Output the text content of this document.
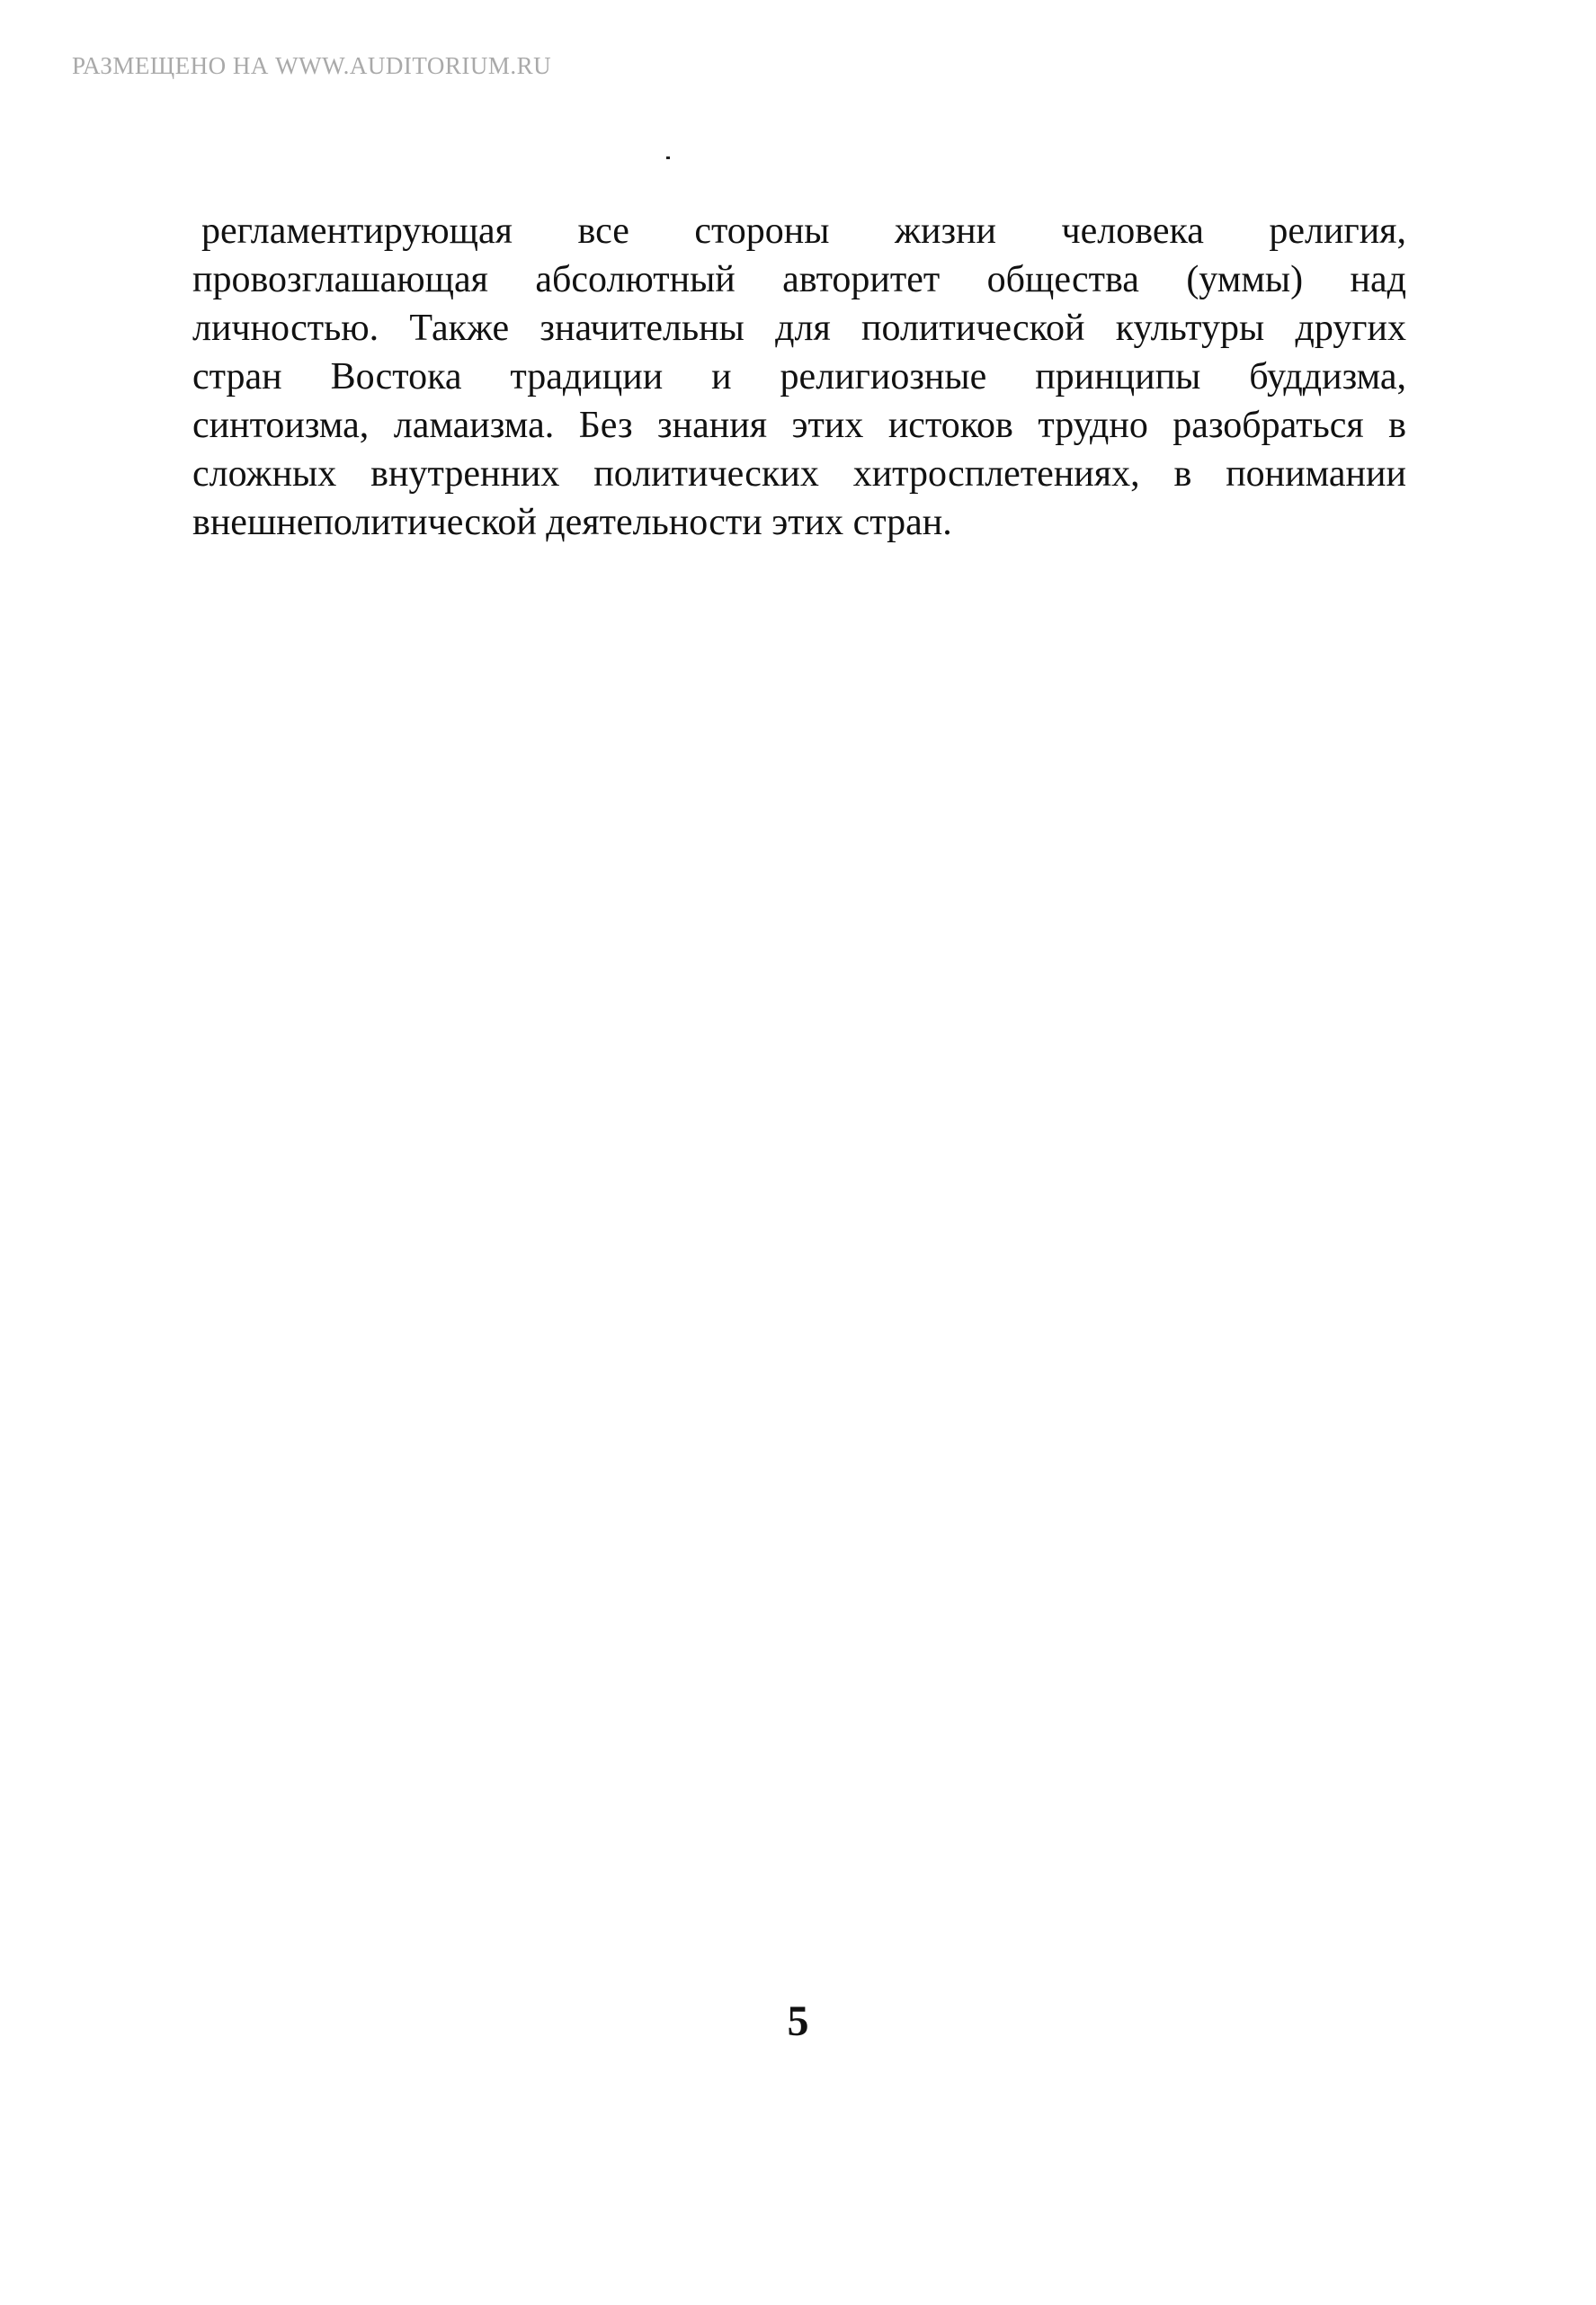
РАЗМЕЩЕНО НА WWW.AUDITORIUM.RU
регламентирующая все стороны жизни человека религия,
провозглашающая абсолютный авторитет общества (уммы) над
личностью. Также значительны для политической культуры других
стран Востока традиции и религиозные принципы буддизма,
синтоизма, ламаизма. Без знания этих истоков трудно разобраться в
сложных внутренних политических хитросплетениях, в понимании
внешнеполитической деятельности этих стран.
5
